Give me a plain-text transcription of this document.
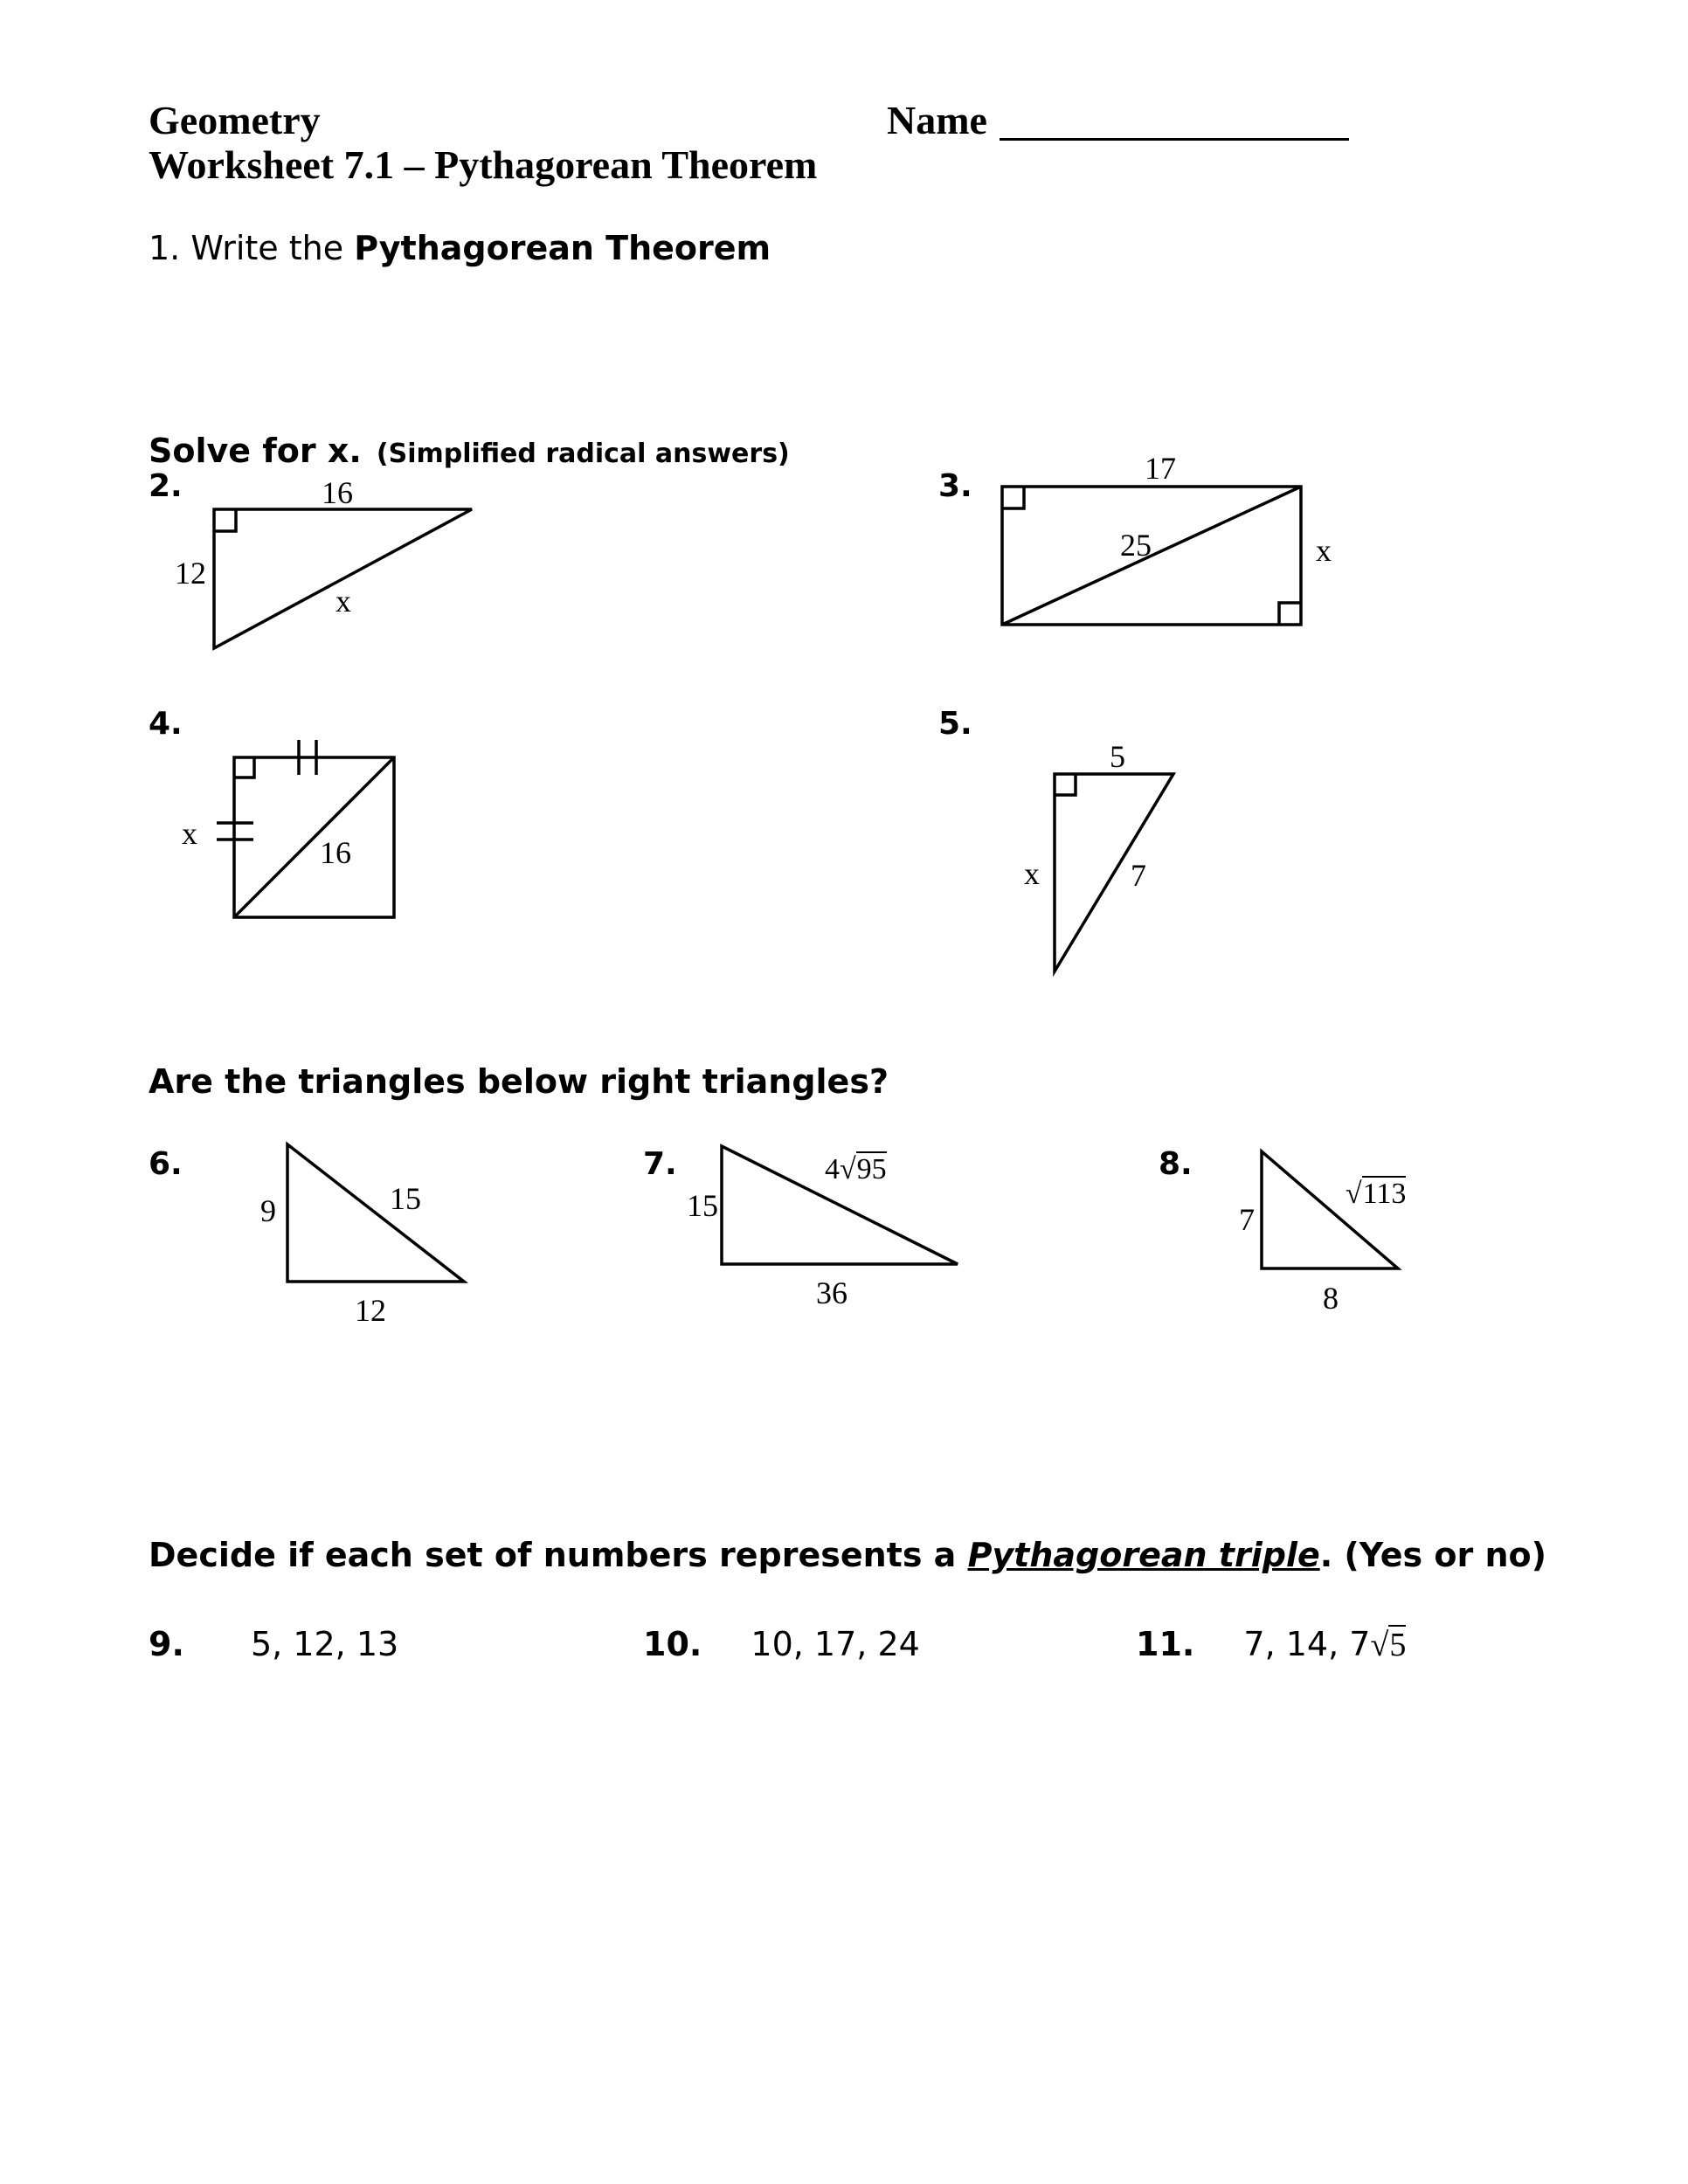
Geometry
Worksheet 7.1 – Pythagorean Theorem
Name
1. Write the Pythagorean Theorem
Solve for x. (Simplified radical answers)
2.	16
12
x
3.	17
25	x
4.
x
16
5.
5
x	7
Are the triangles below right triangles?
6.
9	15
12
7.
15
36
4√95	8.
7
8
√113
Decide if each set of numbers represents a Pythagorean triple. (Yes or no)
9. 5, 12, 13	10. 10, 17, 24	11. 7, 14, 7√5
